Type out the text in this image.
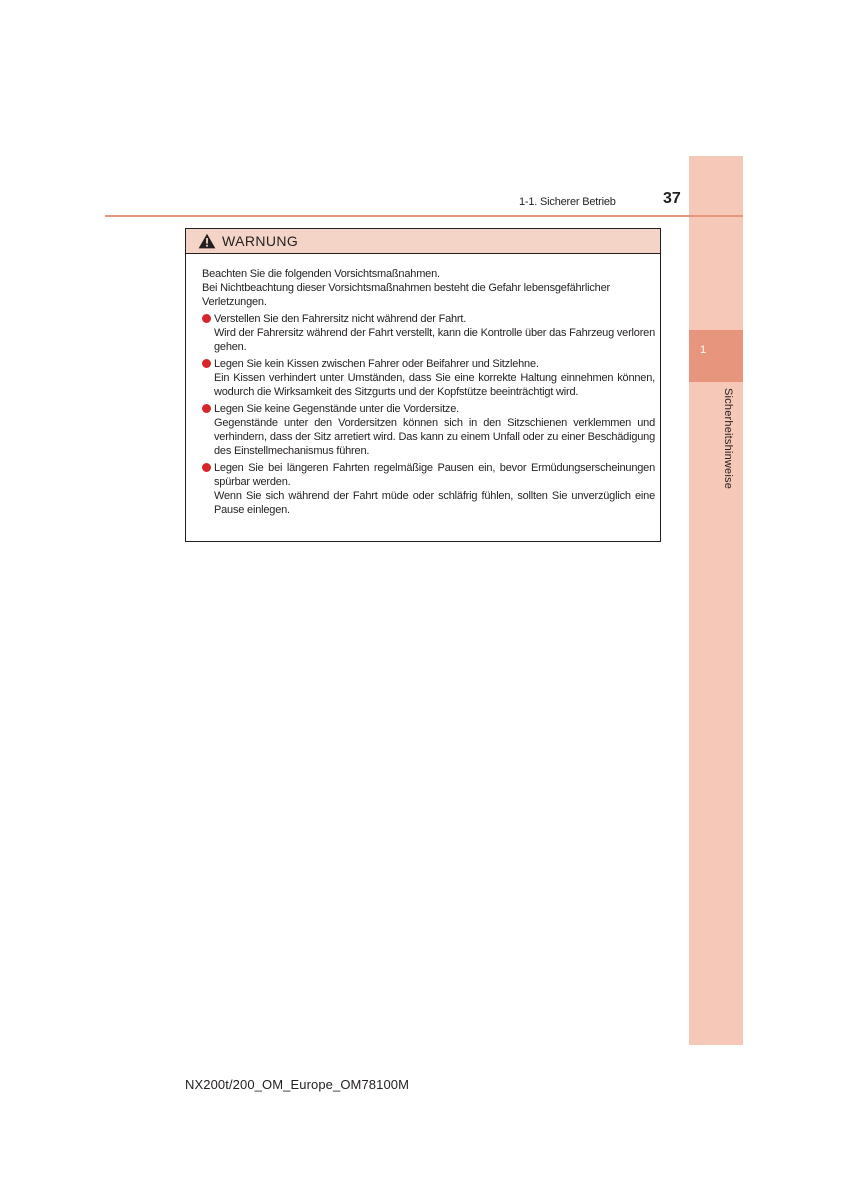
1
Sicherheitshinweise
1-1. Sicherer Betrieb	37
WARNUNG

Beachten Sie die folgenden Vorsichtsmaßnahmen.

Bei Nichtbeachtung dieser Vorsichtsmaßnahmen besteht die Gefahr lebensgefährlicher Verletzungen.

Verstellen Sie den Fahrersitz nicht während der Fahrt.

Wird der Fahrersitz während der Fahrt verstellt, kann die Kontrolle über das Fahrzeug verloren gehen.

Legen Sie kein Kissen zwischen Fahrer oder Beifahrer und Sitzlehne.

Ein Kissen verhindert unter Umständen, dass Sie eine korrekte Haltung einnehmen können, wodurch die Wirksamkeit des Sitzgurts und der Kopfstütze beeinträchtigt wird.

Legen Sie keine Gegenstände unter die Vordersitze.

Gegenstände unter den Vordersitzen können sich in den Sitzschienen verklemmen und verhindern, dass der Sitz arretiert wird. Das kann zu einem Unfall oder zu einer Beschädigung des Einstellmechanismus führen.

Legen Sie bei längeren Fahrten regelmäßige Pausen ein, bevor Ermüdungserscheinungen spürbar werden.

Wenn Sie sich während der Fahrt müde oder schläfrig fühlen, sollten Sie unverzüglich eine Pause einlegen.

NX200t/200_OM_Europe_OM78100M
